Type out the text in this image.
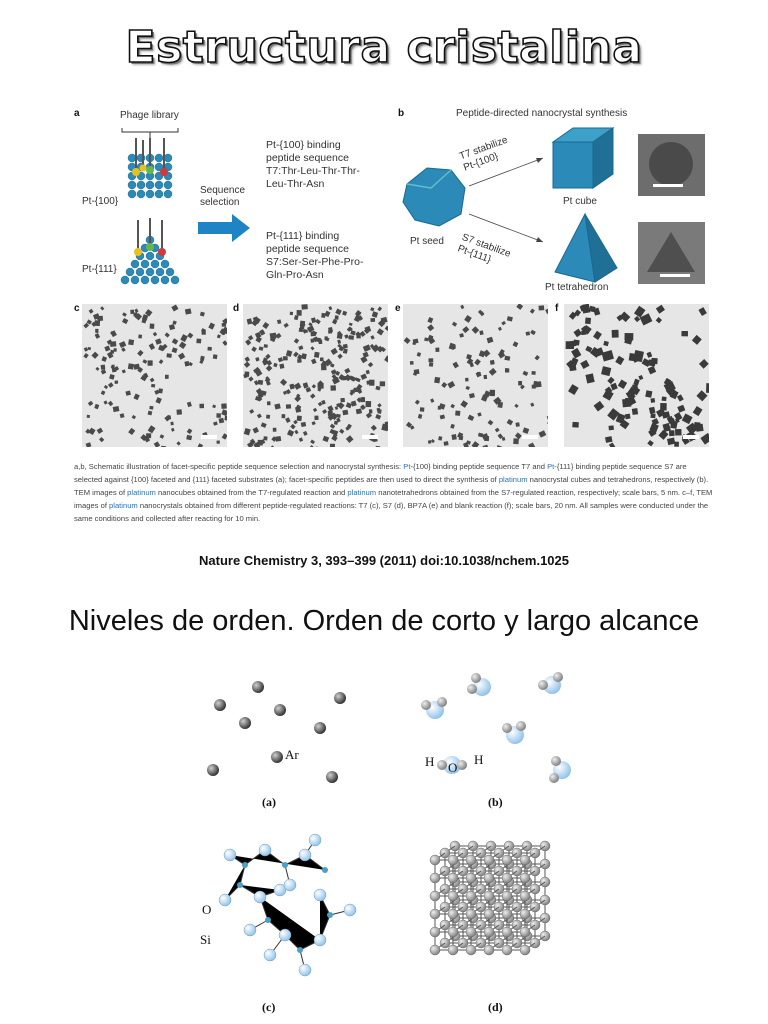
Estructura cristalina
a	Phage library
Pt-{100}
Pt-{111}
Sequence
selection
Pt-{100} binding
peptide sequence
T7:Thr-Leu-Thr-Thr-
Leu-Thr-Asn
Pt-{111} binding
peptide sequence
S7:Ser-Ser-Phe-Pro-
Gln-Pro-Asn
b	Peptide-directed nanocrystal synthesis
T7 stabilize
Pt-{100}
S7 stabilize
Pt-{111}
Pt seed
Pt cube
Pt tetrahedron
c	d	e	f
a,b, Schematic illustration of facet-specific peptide sequence selection and nanocrystal synthesis: Pt-{100} binding peptide sequence T7 and Pt-{111} binding peptide sequence S7 are selected against {100} faceted and {111} faceted substrates (a); facet-specific peptides are then used to direct the synthesis of platinum nanocrystal cubes and tetrahedrons, respectively (b). TEM images of platinum nanocubes obtained from the T7-regulated reaction and platinum nanotetrahedrons obtained from the S7-regulated reaction, respectively; scale bars, 5 nm. c–f, TEM images of platinum nanocrystals obtained from different peptide-regulated reactions: T7 (c), S7 (d), BP7A (e) and blank reaction (f); scale bars, 20 nm. All samples were conducted under the same conditions and collected after reacting for 10 min.
Nature Chemistry 3, 393–399 (2011) doi:10.1038/nchem.1025
Niveles de orden. Orden de corto y largo alcance
Ar	H O
H
O
Si
(a)	(b)
(c)	(d)
